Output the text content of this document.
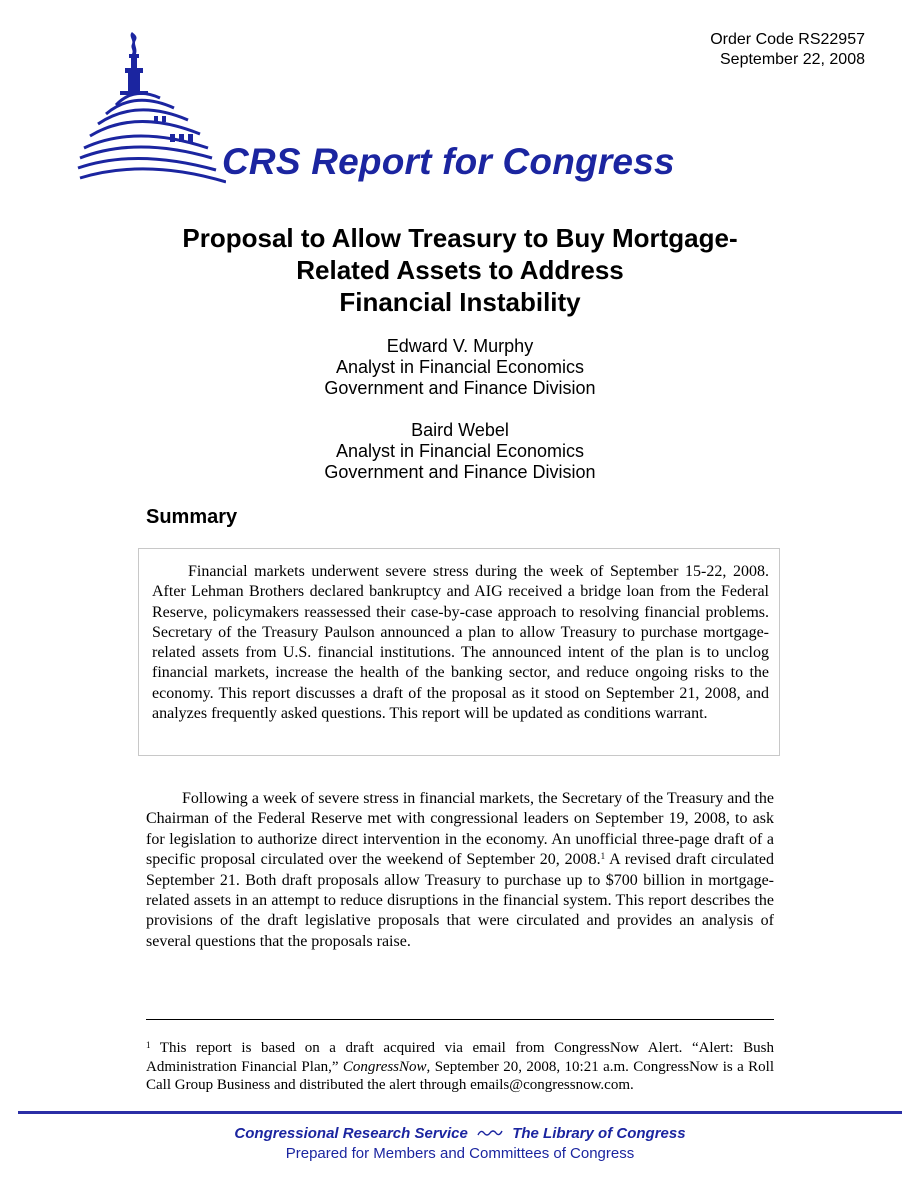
Order Code RS22957
September 22, 2008
CRS Report for Congress
Proposal to Allow Treasury to Buy Mortgage-
Related Assets to Address
Financial Instability
Edward V. Murphy
Analyst in Financial Economics
Government and Finance Division
Baird Webel
Analyst in Financial Economics
Government and Finance Division
Summary

Financial markets underwent severe stress during the week of September 15-22, 2008. After Lehman Brothers declared bankruptcy and AIG received a bridge loan from the Federal Reserve, policymakers reassessed their case-by-case approach to resolving financial problems. Secretary of the Treasury Paulson announced a plan to allow Treasury to purchase mortgage-related assets from U.S. financial institutions. The announced intent of the plan is to unclog financial markets, increase the health of the banking sector, and reduce ongoing risks to the economy. This report discusses a draft of the proposal as it stood on September 21, 2008, and analyzes frequently asked questions. This report will be updated as conditions warrant.

Following a week of severe stress in financial markets, the Secretary of the Treasury and the Chairman of the Federal Reserve met with congressional leaders on September 19, 2008, to ask for legislation to authorize direct intervention in the economy. An unofficial three-page draft of a specific proposal circulated over the weekend of September 20, 2008.$^1$ A revised draft circulated September 21. Both draft proposals allow Treasury to purchase up to $700 billion in mortgage-related assets in an attempt to reduce disruptions in the financial system. This report describes the provisions of the draft legislative proposals that were circulated and provides an analysis of several questions that the proposals raise.

$^1$ This report is based on a draft acquired via email from CongressNow Alert. “Alert: Bush Administration Financial Plan,” CongressNow, September 20, 2008, 10:21 a.m. CongressNow is a Roll Call Group Business and distributed the alert through emails@congressnow.com.

Congressional Research Service	The Library of Congress
Prepared for Members and Committees of Congress
